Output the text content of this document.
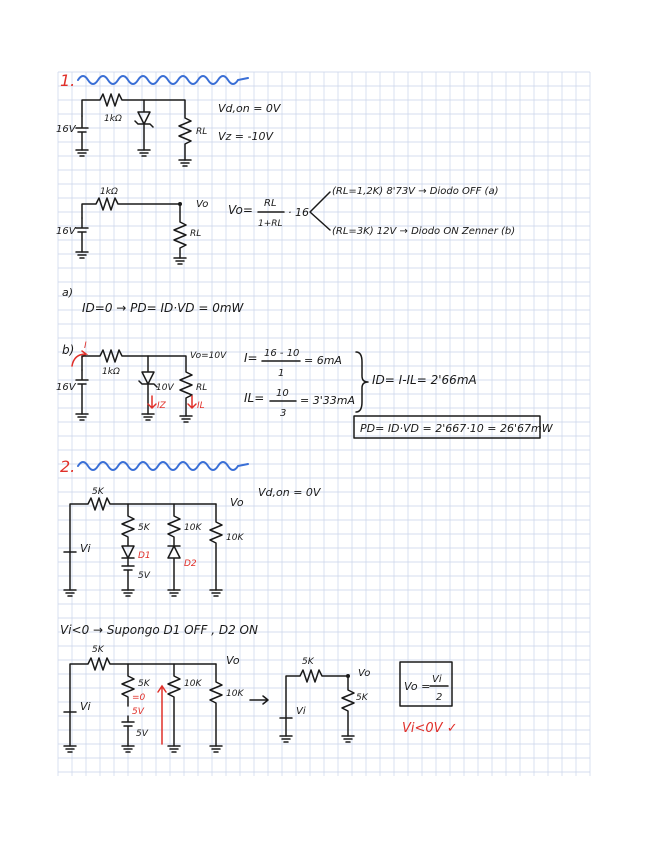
1.
16V
1kΩ
RL
Vd,on = 0V
Vz = -10V
1kΩ
16V
Vo
RL
Vo= RL
1+RL
· 16
(RL=1,2K) 8'73V → Diodo OFF (a)
(RL=3K) 12V → Diodo ON Zenner (b)
a)
ID=0 → PD= ID·VD = 0mW
b) I
16V
1kΩ
10V RL
Vo=10V
IZ	IL
I= 16 - 10
1
= 6mA
IL= 10
3
= 3'33mA
ID= I-IL= 2'66mA
PD= ID·VD = 2'667·10 = 26'67mW
2.
5K
5K	10K
10K
Vi
Vo
D1
D2
5V
Vd,on = 0V
Vi<0 → Supongo D1 OFF , D2 ON
5K
5K	10K
10K
Vi
Vo
=0
5V
5V
5K
5K
Vi
Vo
Vo =
Vi
2
Vi<0V ✓
